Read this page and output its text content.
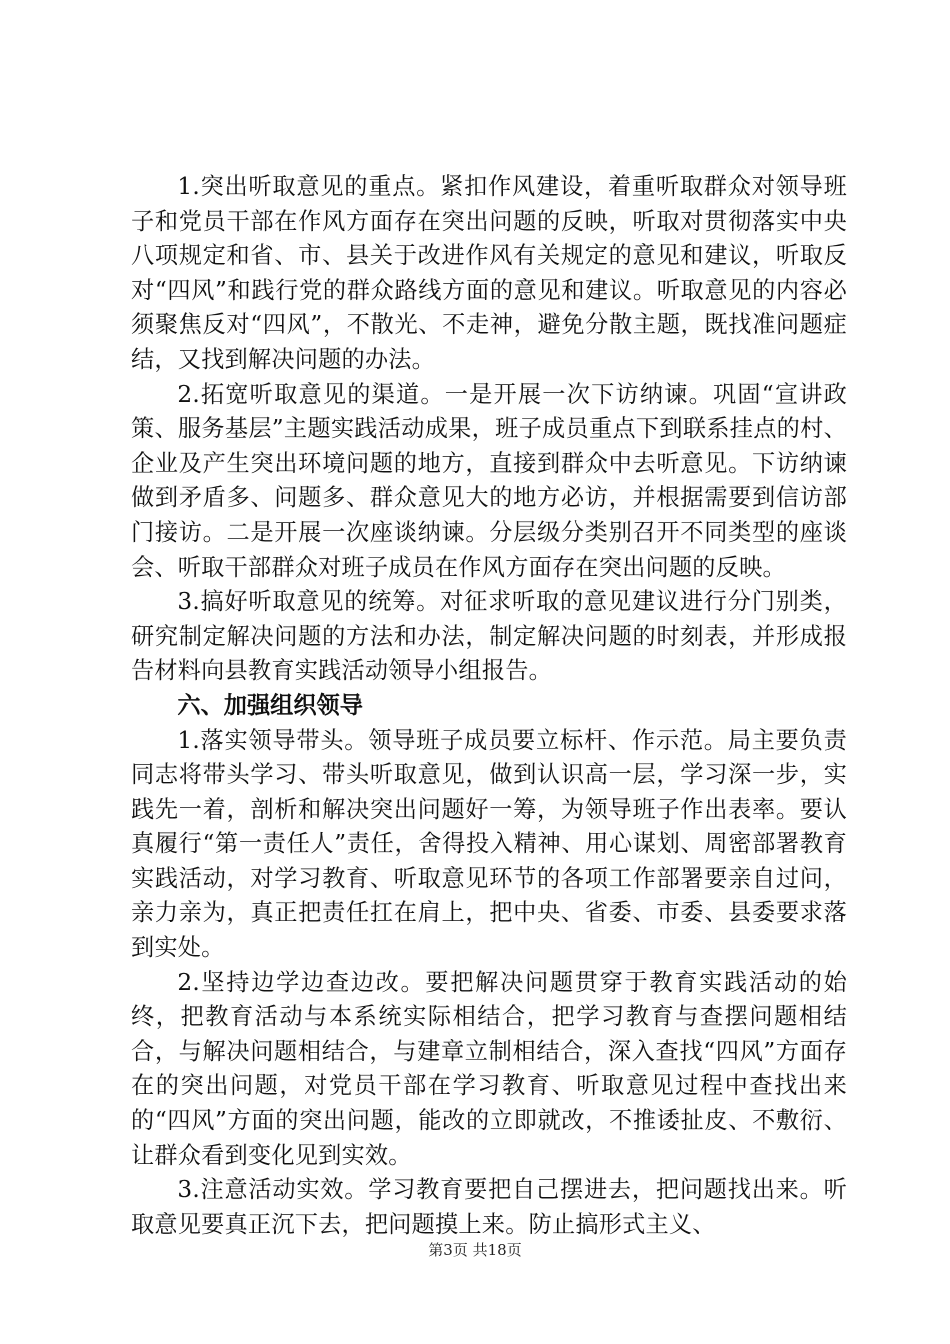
1.突出听取意见的重点。紧扣作风建设，着重听取群众对领导班子和党员干部在作风方面存在突出问题的反映，听取对贯彻落实中央八项规定和省、市、县关于改进作风有关规定的意见和建议，听取反对“四风”和践行党的群众路线方面的意见和建议。听取意见的内容必须聚焦反对“四风”，不散光、不走神，避免分散主题，既找准问题症结，又找到解决问题的办法。

2.拓宽听取意见的渠道。一是开展一次下访纳谏。巩固“宣讲政策、服务基层”主题实践活动成果，班子成员重点下到联系挂点的村、企业及产生突出环境问题的地方，直接到群众中去听意见。下访纳谏做到矛盾多、问题多、群众意见大的地方必访，并根据需要到信访部门接访。二是开展一次座谈纳谏。分层级分类别召开不同类型的座谈会、听取干部群众对班子成员在作风方面存在突出问题的反映。

3.搞好听取意见的统筹。对征求听取的意见建议进行分门别类，研究制定解决问题的方法和办法，制定解决问题的时刻表，并形成报告材料向县教育实践活动领导小组报告。

六、加强组织领导

1.落实领导带头。领导班子成员要立标杆、作示范。局主要负责同志将带头学习、带头听取意见，做到认识高一层，学习深一步，实践先一着，剖析和解决突出问题好一筹，为领导班子作出表率。要认真履行“第一责任人”责任，舍得投入精神、用心谋划、周密部署教育实践活动，对学习教育、听取意见环节的各项工作部署要亲自过问，亲力亲为，真正把责任扛在肩上，把中央、省委、市委、县委要求落到实处。

2.坚持边学边查边改。要把解决问题贯穿于教育实践活动的始终，把教育活动与本系统实际相结合，把学习教育与查摆问题相结合，与解决问题相结合，与建章立制相结合，深入查找“四风”方面存在的突出问题，对党员干部在学习教育、听取意见过程中查找出来的“四风”方面的突出问题，能改的立即就改，不推诿扯皮、不敷衍、让群众看到变化见到实效。

3.注意活动实效。学习教育要把自己摆进去，把问题找出来。听取意见要真正沉下去，把问题摸上来。防止搞形式主义、

第3页 共18页
